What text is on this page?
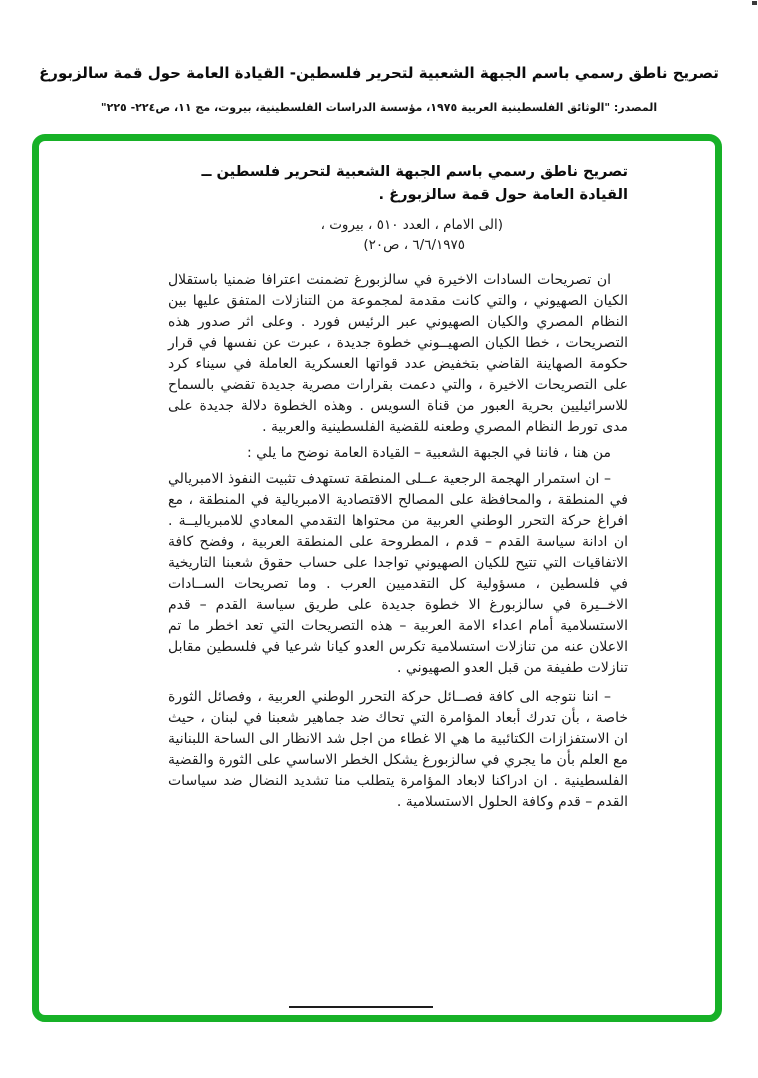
تصريح ناطق رسمي باسم الجبهة الشعبية لتحرير فلسطين- القيادة العامة حول قمة سالزبورغ
المصدر: "الوثائق الفلسطينية العربية ١٩٧٥، مؤسسة الدراسات الفلسطينية، بيروت، مج ١١، ص٢٢٤- ٢٢٥"
تصريح ناطق رسمي باسم الجبهة الشعبية لتحرير فلسطين ــ القيادة العامة حول قمة سالزبورغ .
(الى الامام ، العدد ٥١٠ ، بيروت ،
٦/٦/١٩٧٥ ، ص٢٠)

ان تصريحات السادات الاخيرة في سالزبورغ تضمنت اعترافا ضمنيا باستقلال الكيان الصهيوني ، والتي كانت مقدمة لمجموعة من التنازلات المتفق عليها بين النظام المصري والكيان الصهيوني عبر الرئيس فورد . وعلى اثر صدور هذه التصريحات ، خطا الكيان الصهيــوني خطوة جديدة ، عبرت عن نفسها في قرار حكومة الصهاينة القاضي بتخفيض عدد قواتها العسكرية العاملة في سيناء كرد على التصريحات الاخيرة ، والتي دعمت بقرارات مصرية جديدة تقضي بالسماح للاسرائيليين بحرية العبور من قناة السويس . وهذه الخطوة دلالة جديدة على مدى تورط النظام المصري وطعنه للقضية الفلسطينية والعربية .

من هنا ، فاننا في الجبهة الشعبية – القيادة العامة نوضح ما يلي :

– ان استمرار الهجمة الرجعية عــلى المنطقة تستهدف تثبيت النفوذ الامبريالي في المنطقة ، والمحافظة على المصالح الاقتصادية الامبريالية في المنطقة ، مع افراغ حركة التحرر الوطني العربية من محتواها التقدمي المعادي للامبرياليــة . ان ادانة سياسة القدم – قدم ، المطروحة على المنطقة العربية ، وفضح كافة الاتفاقيات التي تتيح للكيان الصهيوني تواجدا على حساب حقوق شعبنا التاريخية في فلسطين ، مسؤولية كل التقدميين العرب . وما تصريحات الســادات الاخــيرة في سالزبورغ الا خطوة جديدة على طريق سياسة القدم – قدم الاستسلامية أمام اعداء الامة العربية – هذه التصريحات التي تعد اخطر ما تم الاعلان عنه من تنازلات استسلامية تكرس العدو كيانا شرعيا في فلسطين مقابل تنازلات طفيفة من قبل العدو الصهيوني .

– اننا نتوجه الى كافة فصــائل حركة التحرر الوطني العربية ، وفصائل الثورة خاصة ، بأن تدرك أبعاد المؤامرة التي تحاك ضد جماهير شعبنا في لبنان ، حيث ان الاستفزازات الكتائبية ما هي الا غطاء من اجل شد الانظار الى الساحة اللبنانية مع العلم بأن ما يجري في سالزبورغ يشكل الخطر الاساسي على الثورة والقضية الفلسطينية . ان ادراكنا لابعاد المؤامرة يتطلب منا تشديد النضال ضد سياسات القدم – قدم وكافة الحلول الاستسلامية .
